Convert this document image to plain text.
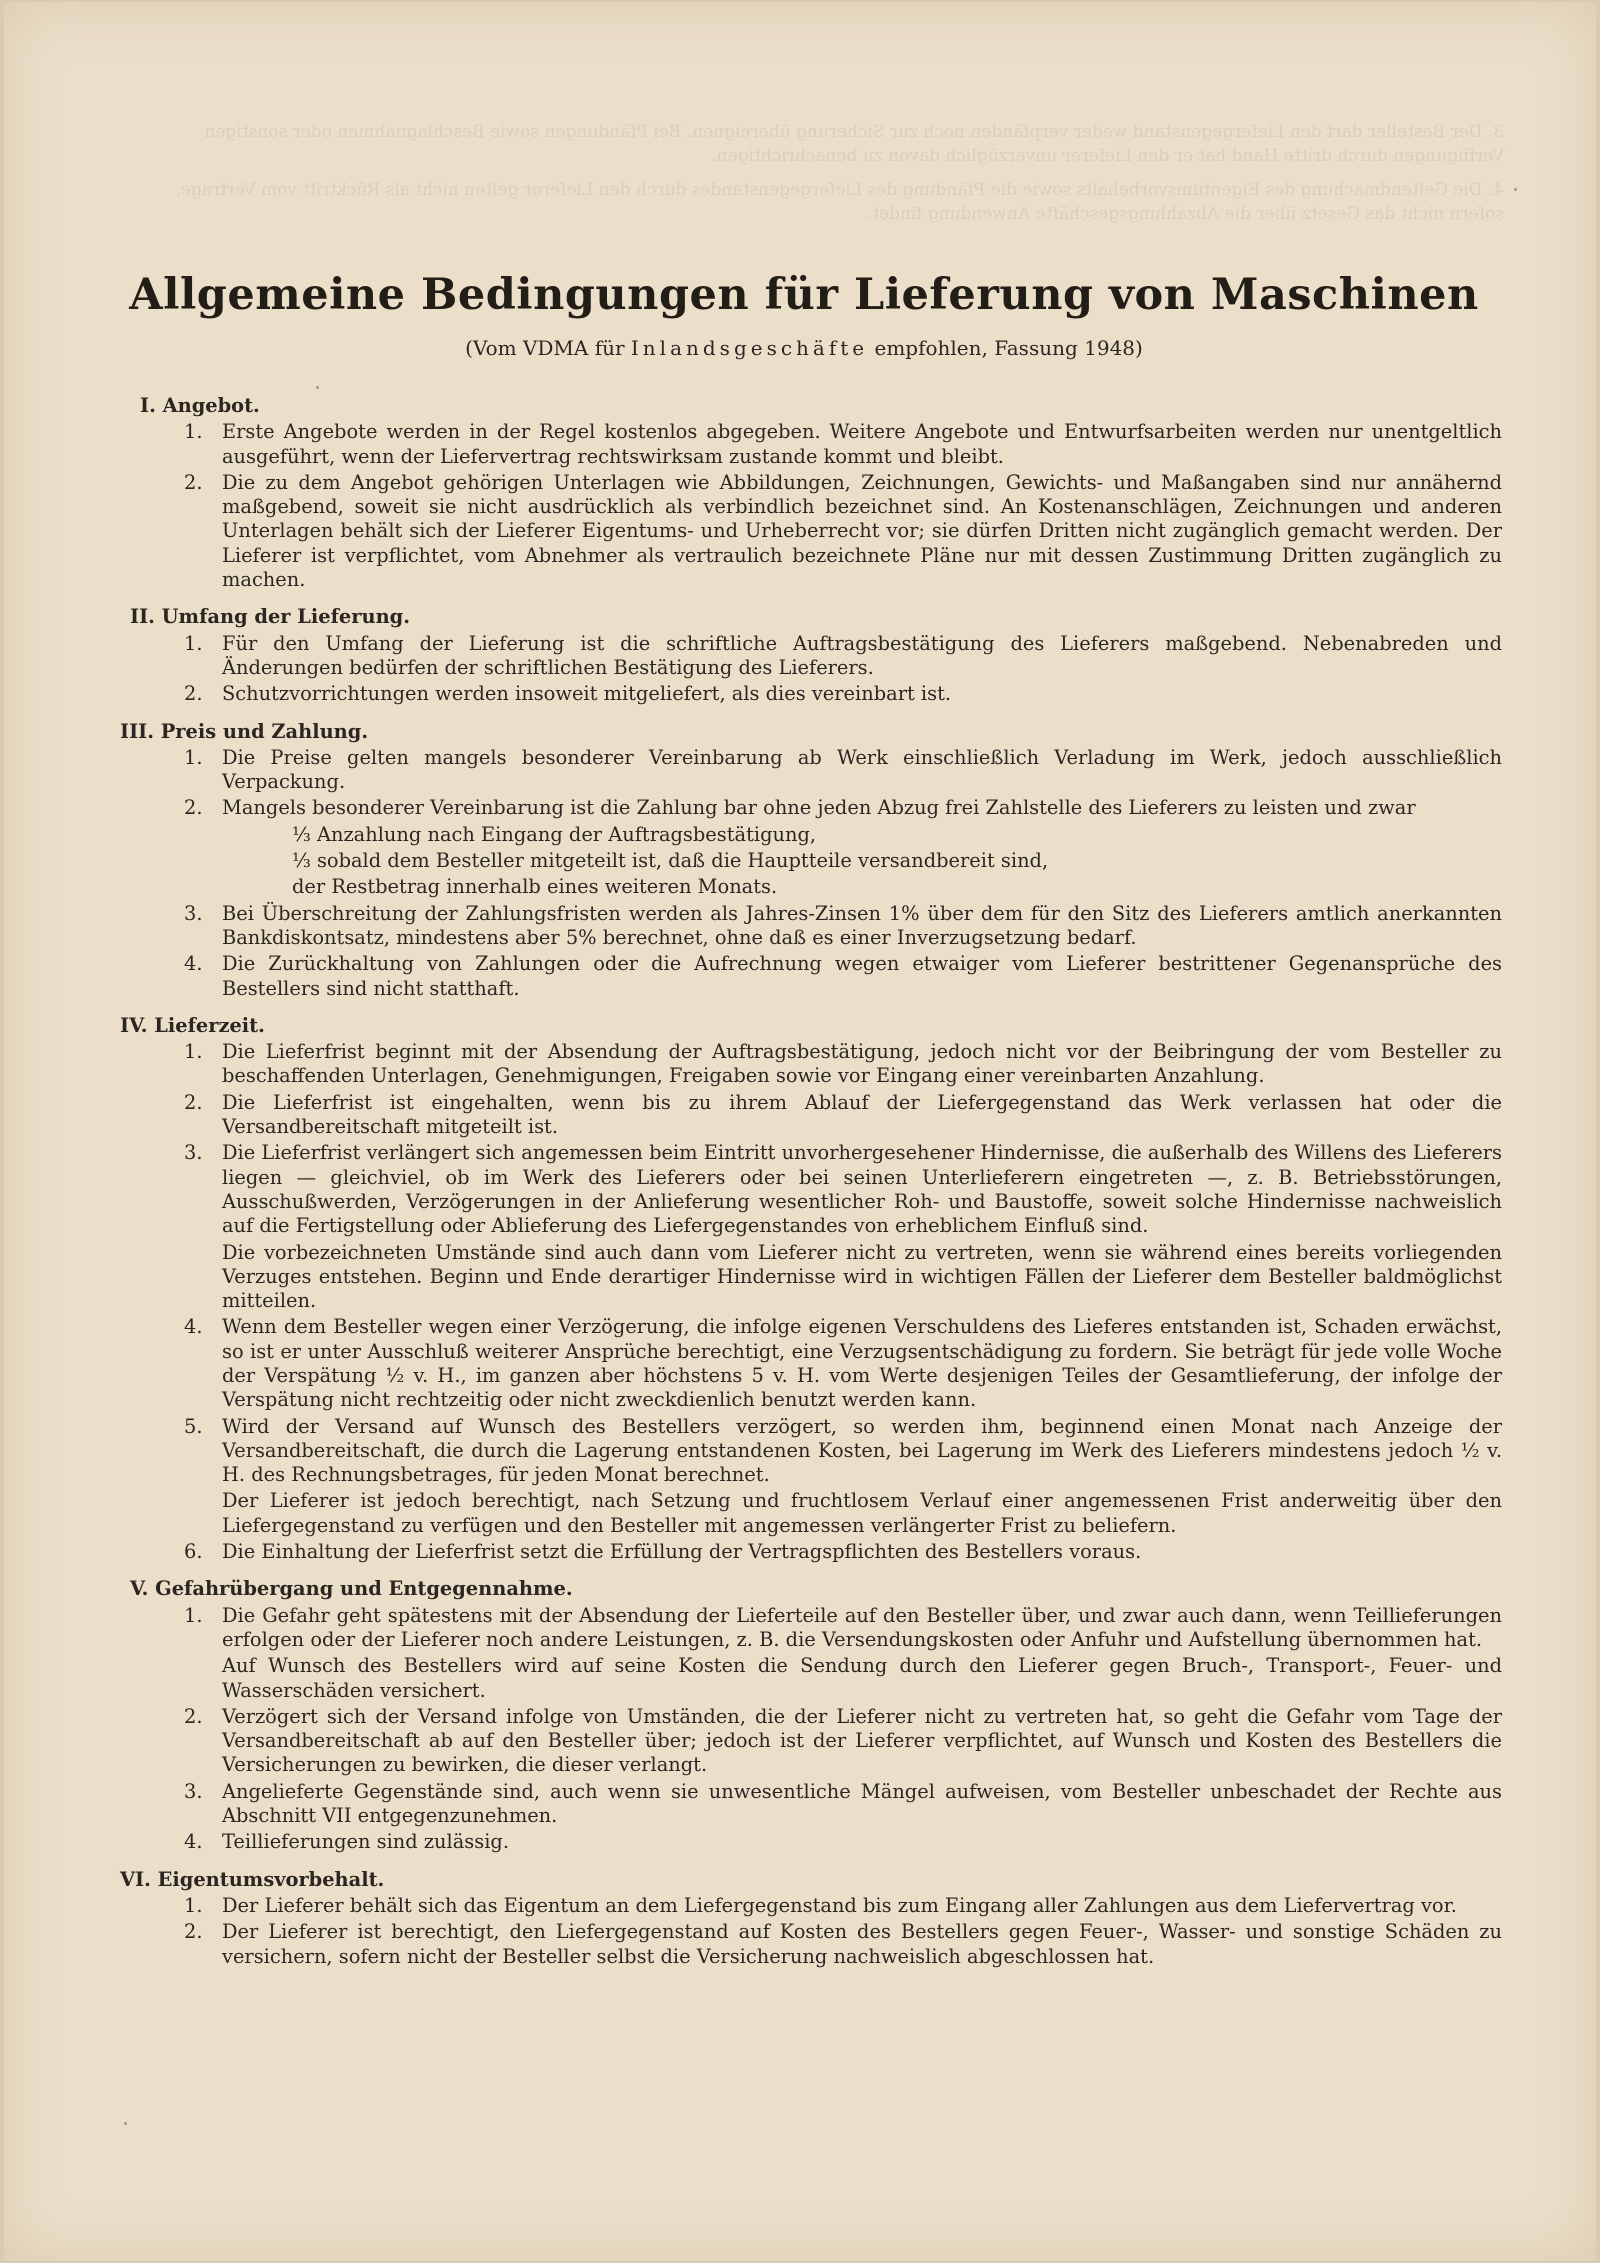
3. Der Besteller darf den Liefergegenstand weder verpfänden noch zur Sicherung übereignen. Bei Pfändungen sowie Beschlagnahmen oder sonstigen Verfügungen durch dritte Hand hat er den Lieferer unverzüglich davon zu benachrichtigen.

4. Die Geltendmachung des Eigentumsvorbehalts sowie die Pfändung des Liefergegenstandes durch den Lieferer gelten nicht als Rücktritt vom Vertrage, sofern nicht das Gesetz über die Abzahlungsgeschäfte Anwendung findet.

Allgemeine Bedingungen für Lieferung von Maschinen
(Vom VDMA für Inlandsgeschäfte empfohlen, Fassung 1948)

I. Angebot.

1. Erste Angebote werden in der Regel kostenlos abgegeben. Weitere Angebote und Entwurfsarbeiten werden nur unentgeltlich ausgeführt, wenn der Liefervertrag rechtswirksam zustande kommt und bleibt.
2. Die zu dem Angebot gehörigen Unterlagen wie Abbildungen, Zeichnungen, Gewichts- und Maßangaben sind nur annähernd maßgebend, soweit sie nicht ausdrücklich als verbindlich bezeichnet sind. An Kostenanschlägen, Zeichnungen und anderen Unterlagen behält sich der Lieferer Eigentums- und Urheberrecht vor; sie dürfen Dritten nicht zugänglich gemacht werden. Der Lieferer ist verpflichtet, vom Abnehmer als vertraulich bezeichnete Pläne nur mit dessen Zustimmung Dritten zugänglich zu machen.

II. Umfang der Lieferung.

1. Für den Umfang der Lieferung ist die schriftliche Auftragsbestätigung des Lieferers maßgebend. Nebenabreden und Änderungen bedürfen der schriftlichen Bestätigung des Lieferers.
2. Schutzvorrichtungen werden insoweit mitgeliefert, als dies vereinbart ist.

III. Preis und Zahlung.

1. Die Preise gelten mangels besonderer Vereinbarung ab Werk einschließlich Verladung im Werk, jedoch ausschließlich Verpackung.
2. Mangels besonderer Vereinbarung ist die Zahlung bar ohne jeden Abzug frei Zahlstelle des Lieferers zu leisten und zwar
⅓ Anzahlung nach Eingang der Auftragsbestätigung,
⅓ sobald dem Besteller mitgeteilt ist, daß die Hauptteile versandbereit sind,
der Restbetrag innerhalb eines weiteren Monats.
3. Bei Überschreitung der Zahlungsfristen werden als Jahres-Zinsen 1% über dem für den Sitz des Lieferers amtlich anerkannten Bankdiskontsatz, mindestens aber 5% berechnet, ohne daß es einer Inverzugsetzung bedarf.
4. Die Zurückhaltung von Zahlungen oder die Aufrechnung wegen etwaiger vom Lieferer bestrittener Gegenansprüche des Bestellers sind nicht statthaft.

IV. Lieferzeit.

1. Die Lieferfrist beginnt mit der Absendung der Auftragsbestätigung, jedoch nicht vor der Beibringung der vom Besteller zu beschaffenden Unterlagen, Genehmigungen, Freigaben sowie vor Eingang einer vereinbarten Anzahlung.
2. Die Lieferfrist ist eingehalten, wenn bis zu ihrem Ablauf der Liefergegenstand das Werk verlassen hat oder die Versandbereitschaft mitgeteilt ist.
3. Die Lieferfrist verlängert sich angemessen beim Eintritt unvorhergesehener Hindernisse, die außerhalb des Willens des Lieferers liegen — gleichviel, ob im Werk des Lieferers oder bei seinen Unterlieferern eingetreten —, z. B. Betriebsstörungen, Ausschußwerden, Verzögerungen in der Anlieferung wesentlicher Roh- und Baustoffe, soweit solche Hindernisse nachweislich auf die Fertigstellung oder Ablieferung des Liefergegenstandes von erheblichem Einfluß sind.
Die vorbezeichneten Umstände sind auch dann vom Lieferer nicht zu vertreten, wenn sie während eines bereits vorliegenden Verzuges entstehen. Beginn und Ende derartiger Hindernisse wird in wichtigen Fällen der Lieferer dem Besteller baldmöglichst mitteilen.
4. Wenn dem Besteller wegen einer Verzögerung, die infolge eigenen Verschuldens des Lieferes entstanden ist, Schaden erwächst, so ist er unter Ausschluß weiterer Ansprüche berechtigt, eine Verzugsentschädigung zu fordern. Sie beträgt für jede volle Woche der Verspätung ½ v. H., im ganzen aber höchstens 5 v. H. vom Werte desjenigen Teiles der Gesamtlieferung, der infolge der Verspätung nicht rechtzeitig oder nicht zweckdienlich benutzt werden kann.
5. Wird der Versand auf Wunsch des Bestellers verzögert, so werden ihm, beginnend einen Monat nach Anzeige der Versandbereitschaft, die durch die Lagerung entstandenen Kosten, bei Lagerung im Werk des Lieferers mindestens jedoch ½ v. H. des Rechnungsbetrages, für jeden Monat berechnet.
Der Lieferer ist jedoch berechtigt, nach Setzung und fruchtlosem Verlauf einer angemessenen Frist anderweitig über den Liefergegenstand zu verfügen und den Besteller mit angemessen verlängerter Frist zu beliefern.
6. Die Einhaltung der Lieferfrist setzt die Erfüllung der Vertragspflichten des Bestellers voraus.

V. Gefahrübergang und Entgegennahme.

1. Die Gefahr geht spätestens mit der Absendung der Lieferteile auf den Besteller über, und zwar auch dann, wenn Teillieferungen erfolgen oder der Lieferer noch andere Leistungen, z. B. die Versendungskosten oder Anfuhr und Aufstellung übernommen hat.
Auf Wunsch des Bestellers wird auf seine Kosten die Sendung durch den Lieferer gegen Bruch-, Transport-, Feuer- und Wasserschäden versichert.
2. Verzögert sich der Versand infolge von Umständen, die der Lieferer nicht zu vertreten hat, so geht die Gefahr vom Tage der Versandbereitschaft ab auf den Besteller über; jedoch ist der Lieferer verpflichtet, auf Wunsch und Kosten des Bestellers die Versicherungen zu bewirken, die dieser verlangt.
3. Angelieferte Gegenstände sind, auch wenn sie unwesentliche Mängel aufweisen, vom Besteller unbeschadet der Rechte aus Abschnitt VII entgegenzunehmen.
4. Teillieferungen sind zulässig.

VI. Eigentumsvorbehalt.

1. Der Lieferer behält sich das Eigentum an dem Liefergegenstand bis zum Eingang aller Zahlungen aus dem Liefervertrag vor.
2. Der Lieferer ist berechtigt, den Liefergegenstand auf Kosten des Bestellers gegen Feuer-, Wasser- und sonstige Schäden zu versichern, sofern nicht der Besteller selbst die Versicherung nachweislich abgeschlossen hat.
